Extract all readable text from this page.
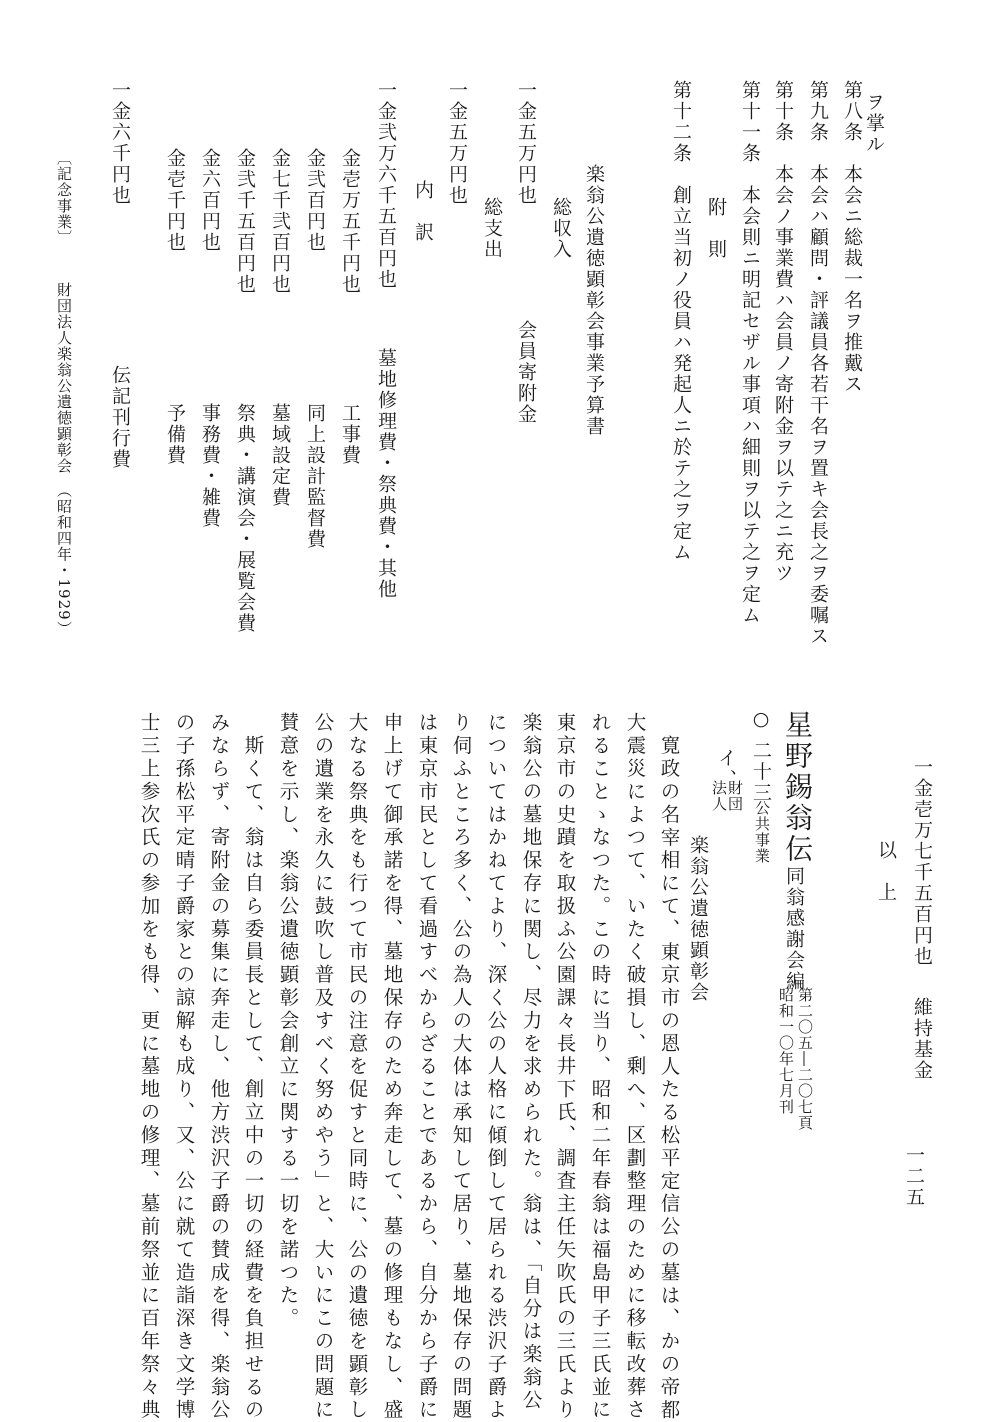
ヲ掌ル
第八条　本会ニ総裁一名ヲ推戴ス
第九条　本会ハ顧問・評議員各若干名ヲ置キ会長之ヲ委嘱ス
第十条　本会ノ事業費ハ会員ノ寄附金ヲ以テ之ニ充ツ
第十一条　本会則ニ明記セザル事項ハ細則ヲ以テ之ヲ定ム
附　則
第十二条　創立当初ノ役員ハ発起人ニ於テ之ヲ定ム
楽翁公遺徳顕彰会事業予算書
総収入
一金五万円也
会員寄附金
総支出
一金五万円也
内　訳
一金弐万六千五百円也
墓地修理費・祭典費・其他
金壱万五千円也
工事費
金弐百円也
同上設計監督費
金七千弐百円也
墓域設定費
金弐千五百円也
祭典・講演会・展覧会費
金六百円也
事務費・雑費
金壱千円也
予備費
一金六千円也
伝記刊行費
〔記念事業〕
財団法人楽翁公遺徳顕彰会　（昭和四年・1929）
一金壱万七千五百円也
維持基金
以　上
星野錫翁伝
同翁感謝会編
第二〇五―二〇七頁
昭和一〇年七月刊
○ 二十三
公共事業
イ、
財団
法人
楽翁公遺徳顕彰会
寛政の名宰相にて、東京市の恩人たる松平定信公の墓は、かの帝都
大震災によつて、いたく破損し、剰へ、区劃整理のために移転改葬さ
れることゝなつた。この時に当り、昭和二年春翁は福島甲子三氏並に
東京市の史蹟を取扱ふ公園課々長井下氏、調査主任矢吹氏の三氏より
楽翁公の墓地保存に関し、尽力を求められた。翁は、「自分は楽翁公
についてはかねてより、深く公の人格に傾倒して居られる渋沢子爵よ
り伺ふところ多く、公の為人の大体は承知して居り、墓地保存の問題
は東京市民として看過すべからざることであるから、自分から子爵に
申上げて御承諾を得、墓地保存のため奔走して、墓の修理もなし、盛
大なる祭典をも行つて市民の注意を促すと同時に、公の遺徳を顕彰し
公の遺業を永久に鼓吹し普及すべく努めやう」と、大いにこの問題に
賛意を示し、楽翁公遺徳顕彰会創立に関する一切を諾つた。
　斯くて、翁は自ら委員長として、創立中の一切の経費を負担せるの
みならず、寄附金の募集に奔走し、他方渋沢子爵の賛成を得、楽翁公
の子孫松平定晴子爵家との諒解も成り、又、公に就て造詣深き文学博
士三上参次氏の参加をも得、更に墓地の修理、墓前祭並に百年祭々典	一二五
